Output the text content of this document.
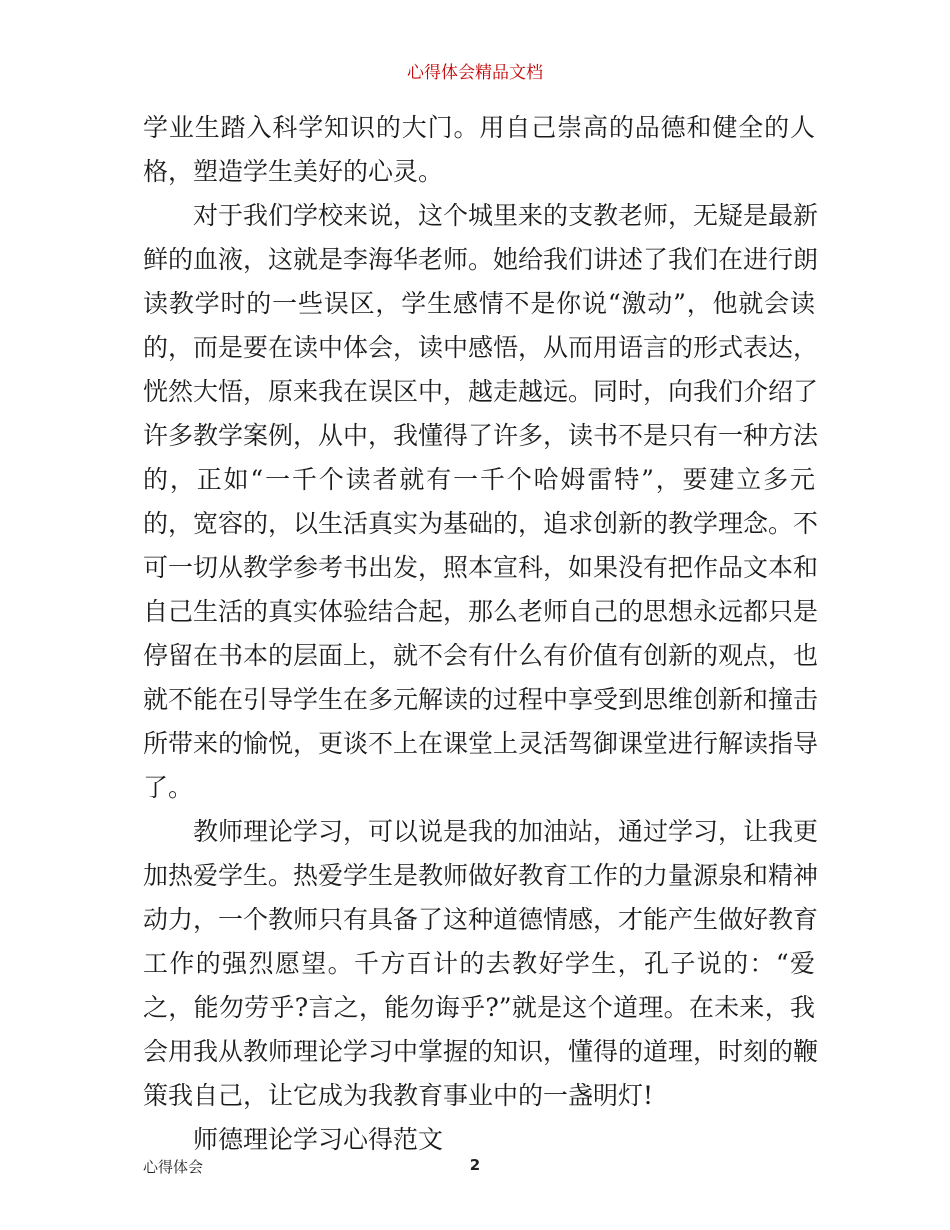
心得体会精品文档
学业生踏入科学知识的大门。用自己崇高的品德和健全的人
格，塑造学生美好的心灵。
对于我们学校来说，这个城里来的支教老师，无疑是最新
鲜的血液，这就是李海华老师。她给我们讲述了我们在进行朗
读教学时的一些误区，学生感情不是你说“激动”，他就会读
的，而是要在读中体会，读中感悟，从而用语言的形式表达，
恍然大悟，原来我在误区中，越走越远。同时，向我们介绍了
许多教学案例，从中，我懂得了许多，读书不是只有一种方法
的，正如“一千个读者就有一千个哈姆雷特”，要建立多元
的，宽容的，以生活真实为基础的，追求创新的教学理念。不
可一切从教学参考书出发，照本宣科，如果没有把作品文本和
自己生活的真实体验结合起，那么老师自己的思想永远都只是
停留在书本的层面上，就不会有什么有价值有创新的观点，也
就不能在引导学生在多元解读的过程中享受到思维创新和撞击
所带来的愉悦，更谈不上在课堂上灵活驾御课堂进行解读指导
了。
教师理论学习，可以说是我的加油站，通过学习，让我更
加热爱学生。热爱学生是教师做好教育工作的力量源泉和精神
动力，一个教师只有具备了这种道德情感，才能产生做好教育
工作的强烈愿望。千方百计的去教好学生，孔子说的：“爱
之，能勿劳乎?言之，能勿诲乎?”就是这个道理。在未来，我
会用我从教师理论学习中掌握的知识，懂得的道理，时刻的鞭
策我自己，让它成为我教育事业中的一盏明灯!
师德理论学习心得范文
心得体会	2
